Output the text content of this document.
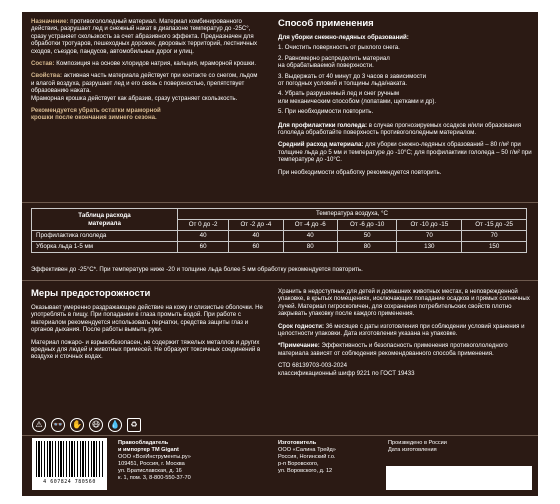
Назначение: противогололедный материал. Материал комбинированного действия, разрушает лед и снежный накат в диапазоне температур до -25С°, сразу устраняет скользкость за счет абразивного эффекта. Предназначен для обработки тротуаров, пешеходных дорожек, дворовых территорий, лестничных сходов, съездов, пандусов, автомобильных дорог и улиц.
Состав: Композиция на основе хлоридов натрия, кальция, мраморной крошки.
Свойства: активная часть материала действует при контакте со снегом, льдом и влагой воздуха, разрушает лед и его связь с поверхностью, препятствует образованию наката.
Мраморная крошка действует как абразив, сразу устраняет скользкость.
Рекомендуется убрать остатки мраморной
крошки после окончания зимнего сезона.
Способ применения
Для уборки снежно-ледяных образований:
1. Очистить поверхность от рыхлого снега.
2. Равномерно распределить материал
на обрабатываемой поверхности.
3. Выдержать от 40 минут до 3 часов в зависимости
от погодных условий и толщины льда/наката.
4. Убрать разрушенный лед и снег ручным
или механическим способом (лопатами, щетками и др).
5. При необходимости повторить.
Для профилактики гололеда: в случае прогнозируемых осадков и/или образования гололеда обработайте поверхность противогололедным материалом.
Средний расход материала: для уборки снежно-ледяных образований – 80 г/м² при толщине льда до 5 мм и температуре до -10°С; для профилактики гололеда – 50 г/м² при температуре до -10°С.
При необходимости обработку рекомендуется повторить.
Таблица расхода
материала	Температура воздуха, °С					
	От 0 до -2	От -2 до -4	От -4 до -6	От -6 до -10	От -10 до -15	От -15 до -25
Профилактика гололеда	40	40	40	50	70	70
Уборка льда 1-5 мм	60	60	80	80	130	150
Эффективен до -25°С*. При температуре ниже -20 и толщине льда более 5 мм обработку рекомендуется повторить.
Меры предосторожности
Оказывает умеренно раздражающее действие на кожу и слизистые оболочки. Не употреблять в пищу. При попадании в глаза промыть водой. При работе с материалом рекомендуется использовать перчатки, средства защиты глаз и органов дыхания. После работы вымыть руки.
Материал пожаро- и взрывобезопасен, не содержит тяжелых металлов и других вредных для людей и животных примесей. Не образует токсичных соединений в воздухе и сточных водах.
Хранить в недоступных для детей и домашних животных местах, в неповрежденной упаковке, в крытых помещениях, исключающих попадание осадков и прямых солнечных лучей. Материал гигроскопичен, для сохранения потребительских свойств плотно закрывать упаковку после каждого применения.
Срок годности: 36 месяцев с даты изготовления при соблюдении условий хранения и целостности упаковки. Дата изготовления указана на упаковке.
*Примечание: Эффективность и безопасность применения противогололедного материала зависят от соблюдения рекомендованного способа применения.
СТО 68139703-003-2024
классификационный шифр 9221 по ГОСТ 19433
⚠	👓 ✋	😷	💧	♻
4 607824 780560
Правообладатель
и импортер ТМ Gigant
ООО «ВсеИнструменты.ру»
109451, Россия, г. Москва
ул. Братиславская, д. 16
к. 1, пом. 3, 8-800-550-37-70
Изготовитель
ООО «Салина Трейд»
Россия, Ногинский г.о.
р-п Воровского,
ул. Воровского, д. 12
Произведено в России
Дата изготовления
